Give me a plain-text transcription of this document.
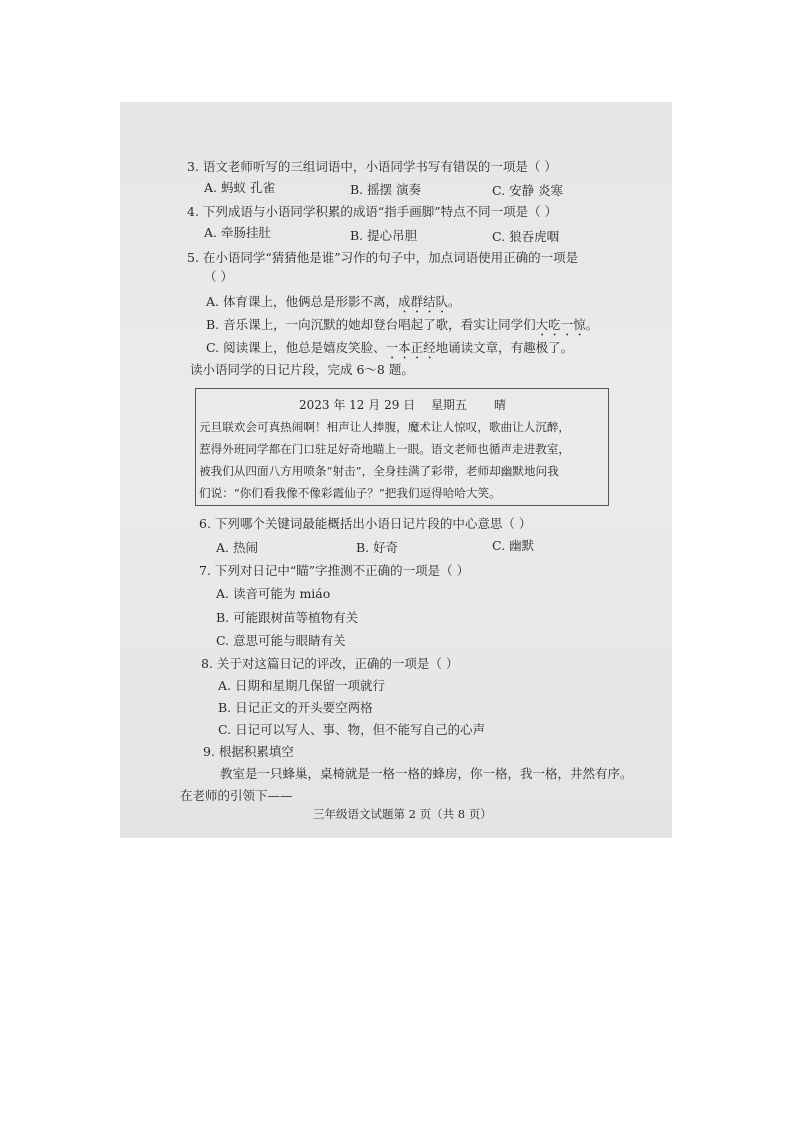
3. 语文老师听写的三组词语中，小语同学书写有错误的一项是（ ）
A. 蚂蚁 孔雀	B. 摇摆 演奏	C. 安静 炎寒
4. 下列成语与小语同学积累的成语“指手画脚”特点不同一项是（ ）
A. 牵肠挂肚	B. 提心吊胆	C. 狼吞虎咽
5. 在小语同学“猜猜他是谁”习作的句子中，加点词语使用正确的一项是
（ ）
A. 体育课上，他俩总是形影不离，成群结队。
B. 音乐课上，一向沉默的她却登台唱起了歌，看实让同学们大吃一惊。
C. 阅读课上，他总是嬉皮笑脸、一本正经地诵读文章，有趣极了。
读小语同学的日记片段，完成 6～8 题。
2023 年 12 月 29 日 星期五 晴
元旦联欢会可真热闹啊！相声让人捧腹，魔术让人惊叹，歌曲让人沉醉，
惹得外班同学都在门口驻足好奇地瞄上一眼。语文老师也循声走进教室，
被我们从四面八方用喷条“射击”，全身挂满了彩带，老师却幽默地问我
们说：“你们看我像不像彩霞仙子？”把我们逗得哈哈大笑。
6. 下列哪个关键词最能概括出小语日记片段的中心意思（ ）
A. 热闹	B. 好奇	C. 幽默
7. 下列对日记中“瞄”字推测不正确的一项是（ ）
A. 读音可能为 miáo
B. 可能跟树苗等植物有关
C. 意思可能与眼睛有关
8. 关于对这篇日记的评改，正确的一项是（ ）
A. 日期和星期几保留一项就行
B. 日记正文的开头要空两格
C. 日记可以写人、事、物，但不能写自己的心声
9. 根据积累填空
教室是一只蜂巢，桌椅就是一格一格的蜂房，你一格，我一格，井然有序。
在老师的引领下——
三年级语文试题第 2 页（共 8 页）
